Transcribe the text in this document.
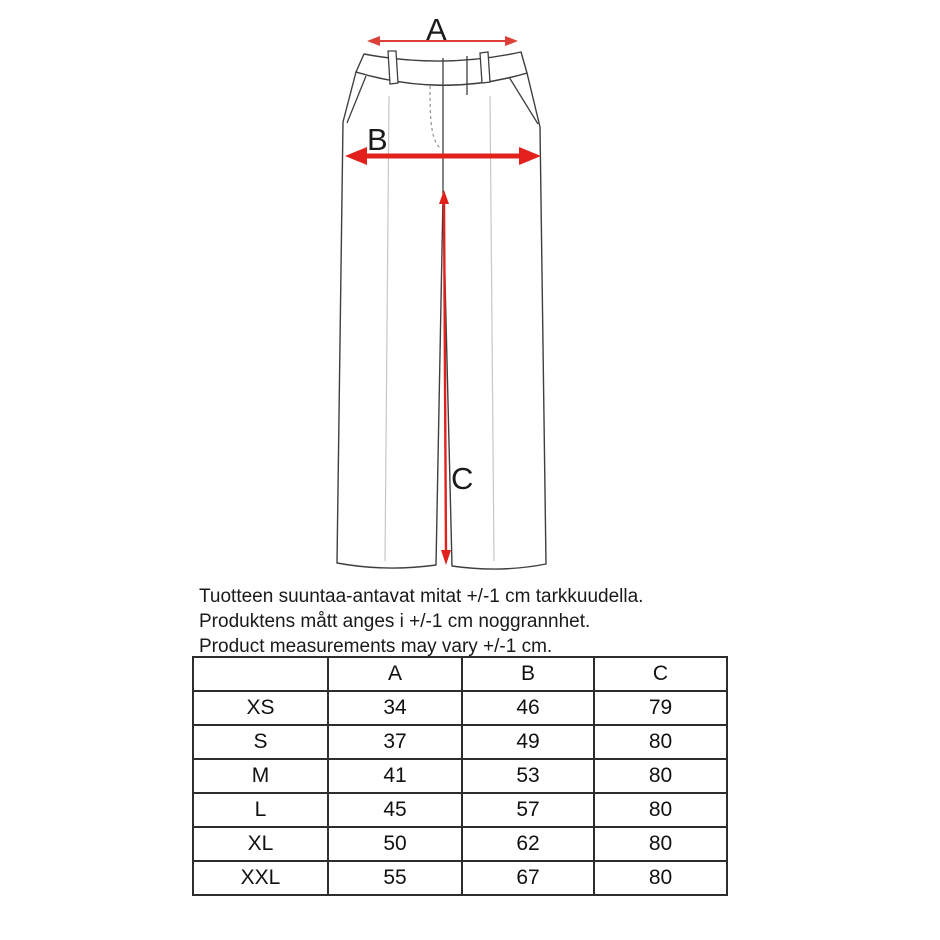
A
B
C
Tuotteen suuntaa-antavat mitat +/-1 cm tarkkuudella.
Produktens mått anges i +/-1 cm noggrannhet.
Product measurements may vary +/-1 cm.
	A	B	C
XS	34	46	79
S	37	49	80
M	41	53	80
L	45	57	80
XL	50	62	80
XXL	55	67	80
